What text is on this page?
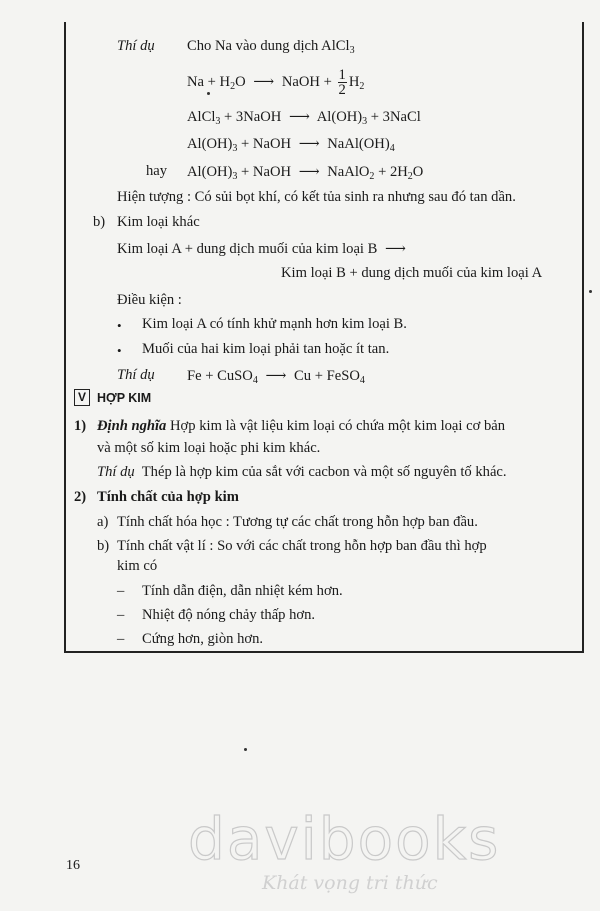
Thí dụ Cho Na vào dung dịch AlCl$_3$
$Na + H_2O$ ⟶ NaOH + $\frac{1}{2} H_2$
AlCl$_3$ + 3NaOH ⟶ $Al(OH)_3$ + 3NaCl
$Al(OH)_3$ + NaOH ⟶ $NaAl(OH)_4$
hay $Al(OH)_3$ + NaOH ⟶ NaAlO$_2$ + $2H_2O$
Hiện tượng : Có sủi bọt khí, có kết tủa sinh ra nhưng sau đó tan dần.
b) Kim loại khác
Kim loại A + dung dịch muối của kim loại B ⟶
Kim loại B + dung dịch muối của kim loại A
Điều kiện :
• Kim loại A có tính khử mạnh hơn kim loại B.
• Muối của hai kim loại phải tan hoặc ít tan.
Thí dụ Fe + CuSO$_4$ ⟶ Cu + FeSO$_4$
V HỢP KIM
1) Định nghĩa Hợp kim là vật liệu kim loại có chứa một kim loại cơ bản
và một số kim loại hoặc phi kim khác.
Thí dụ Thép là hợp kim của sắt với cacbon và một số nguyên tố khác.
2) Tính chất của hợp kim
a) Tính chất hóa học : Tương tự các chất trong hỗn hợp ban đầu.
b) Tính chất vật lí : So với các chất trong hỗn hợp ban đầu thì hợp
kim có
– Tính dẫn điện, dẫn nhiệt kém hơn.
– Nhiệt độ nóng chảy thấp hơn.
– Cứng hơn, giòn hơn.
16 davibooks
Khát vọng tri thức
